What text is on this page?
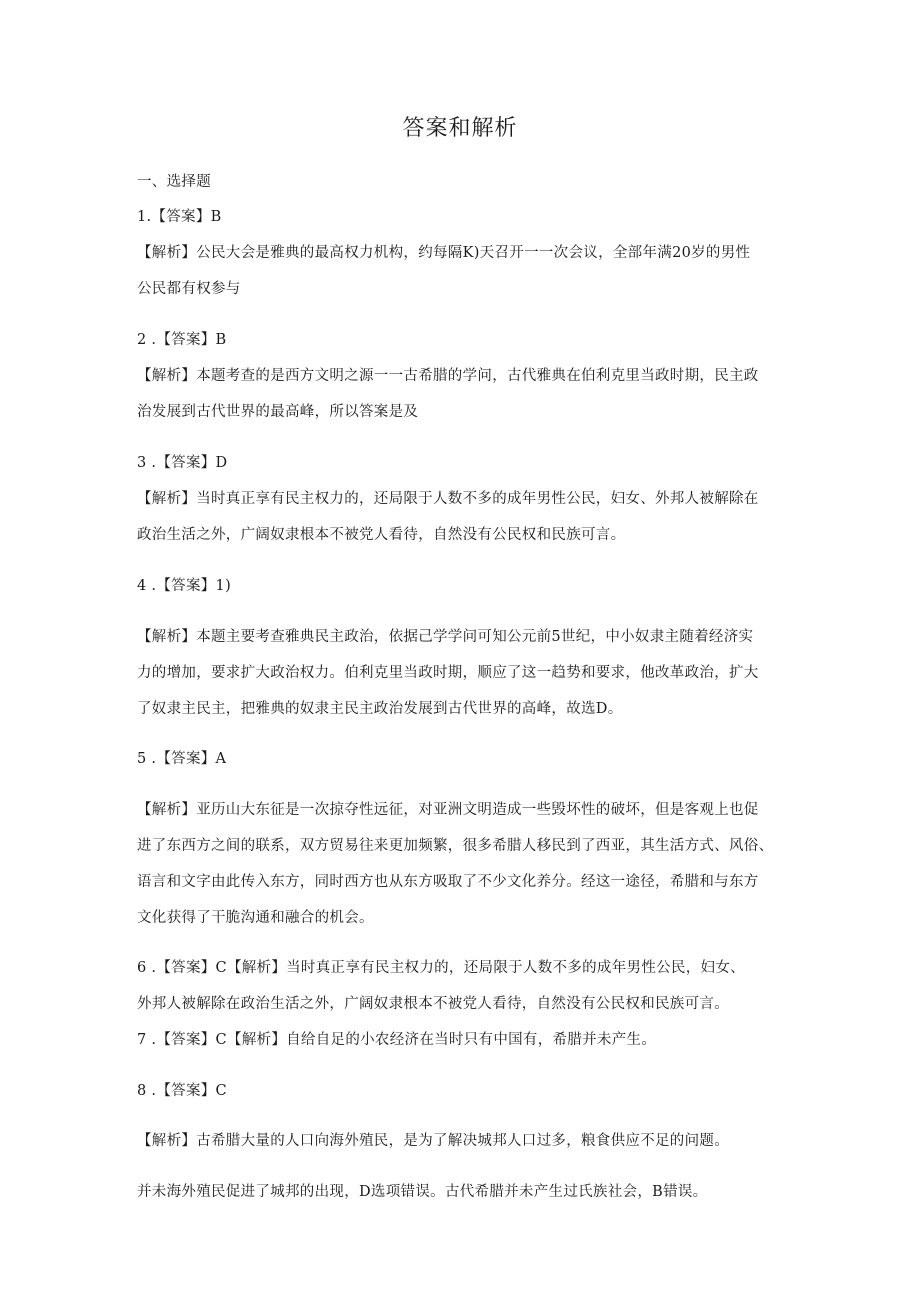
答案和解析
一、选择题
1.【答案】B
【解析】公民大会是雅典的最高权力机构，约每隔K)天召开一一次会议，全部年满20岁的男性
公民都有权参与
2 .【答案】B
【解析】本题考查的是西方文明之源一一古希腊的学问，古代雅典在伯利克里当政时期，民主政
治发展到古代世界的最高峰，所以答案是及
3 .【答案】D
【解析】当时真正享有民主权力的，还局限于人数不多的成年男性公民，妇女、外邦人被解除在
政治生活之外，广阔奴隶根本不被党人看待，自然没有公民权和民族可言。
4 .【答案】1)
【解析】本题主要考查雅典民主政治，依据己学学问可知公元前5世纪，中小奴隶主随着经济实
力的增加，要求扩大政治权力。伯利克里当政时期，顺应了这一趋势和要求，他改革政治，扩大
了奴隶主民主，把雅典的奴隶主民主政治发展到古代世界的高峰，故选D。
5 .【答案】A
【解析】亚历山大东征是一次掠夺性远征，对亚洲文明造成一些毁坏性的破坏，但是客观上也促
进了东西方之间的联系，双方贸易往来更加频繁，很多希腊人移民到了西亚，其生活方式、风俗、
语言和文字由此传入东方，同时西方也从东方吸取了不少文化养分。经这一途径，希腊和与东方
文化获得了干脆沟通和融合的机会。
6 .【答案】C【解析】当时真正享有民主权力的，还局限于人数不多的成年男性公民，妇女、
外邦人被解除在政治生活之外，广阔奴隶根本不被党人看待，自然没有公民权和民族可言。
7 .【答案】C【解析】自给自足的小农经济在当时只有中国有，希腊并未产生。
8 .【答案】C
【解析】古希腊大量的人口向海外殖民，是为了解决城邦人口过多，粮食供应不足的问题。
并未海外殖民促进了城邦的出现，D选项错误。古代希腊并未产生过氏族社会，B错误。
